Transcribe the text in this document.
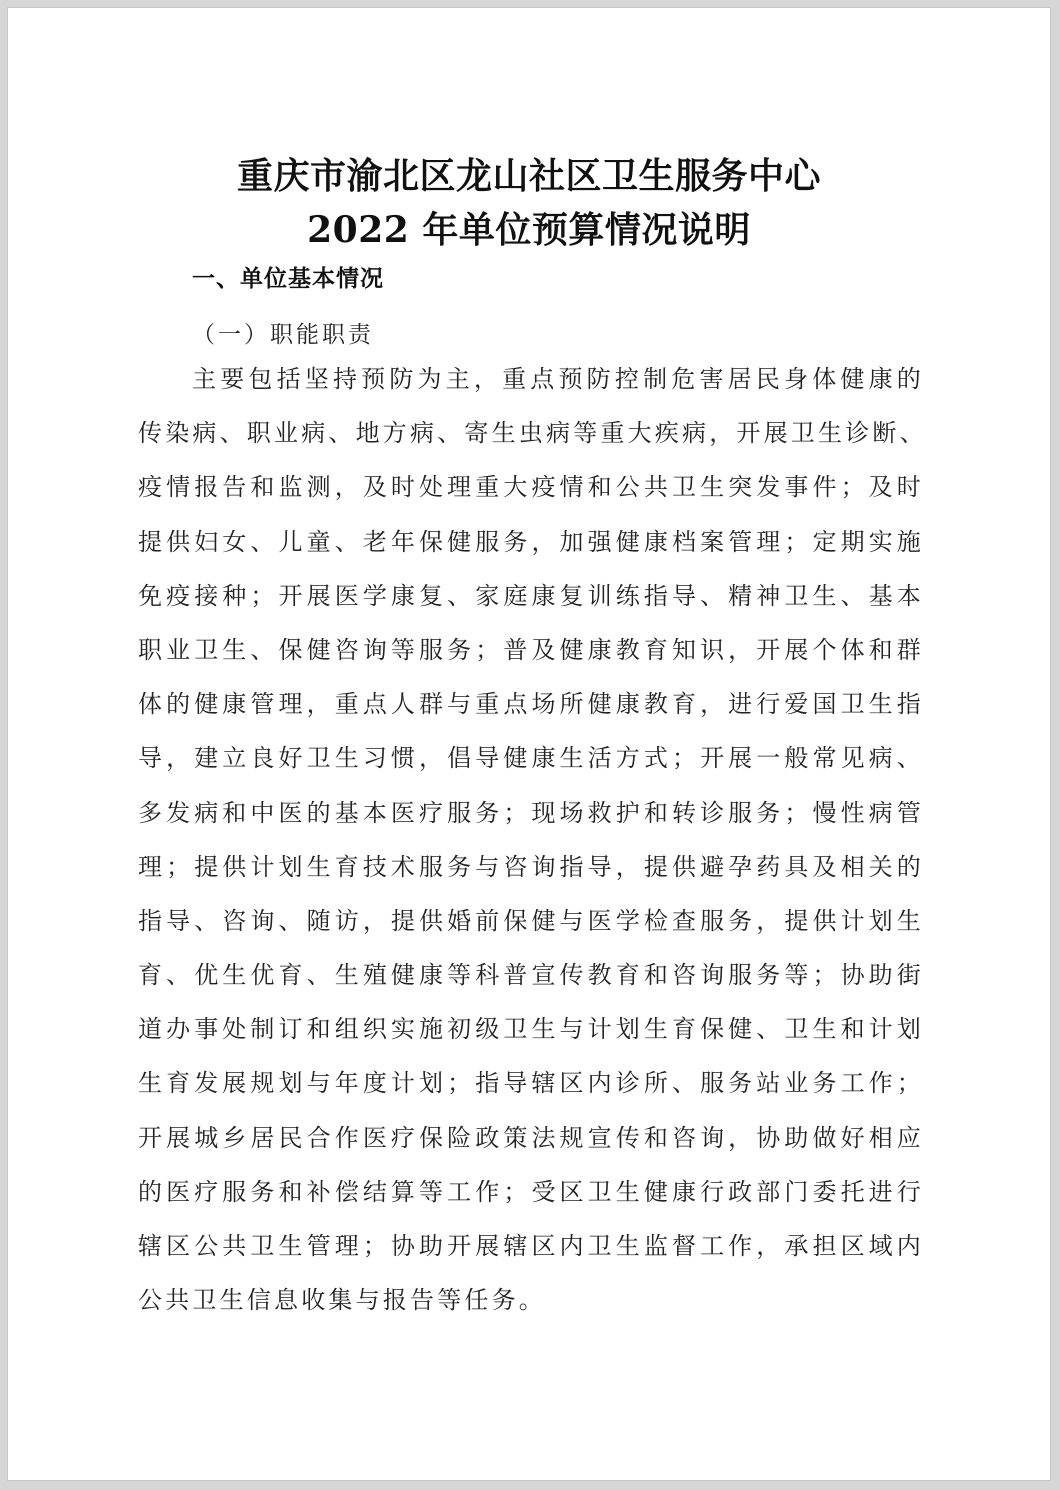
重庆市渝北区龙山社区卫生服务中心
2022 年单位预算情况说明
一、单位基本情况
（一）职能职责
主要包括坚持预防为主，重点预防控制危害居民身体健康的
传染病、职业病、地方病、寄生虫病等重大疾病，开展卫生诊断、
疫情报告和监测，及时处理重大疫情和公共卫生突发事件；及时
提供妇女、儿童、老年保健服务，加强健康档案管理；定期实施
免疫接种；开展医学康复、家庭康复训练指导、精神卫生、基本
职业卫生、保健咨询等服务；普及健康教育知识，开展个体和群
体的健康管理，重点人群与重点场所健康教育，进行爱国卫生指
导，建立良好卫生习惯，倡导健康生活方式；开展一般常见病、
多发病和中医的基本医疗服务；现场救护和转诊服务；慢性病管
理；提供计划生育技术服务与咨询指导，提供避孕药具及相关的
指导、咨询、随访，提供婚前保健与医学检查服务，提供计划生
育、优生优育、生殖健康等科普宣传教育和咨询服务等；协助街
道办事处制订和组织实施初级卫生与计划生育保健、卫生和计划
生育发展规划与年度计划；指导辖区内诊所、服务站业务工作；
开展城乡居民合作医疗保险政策法规宣传和咨询，协助做好相应
的医疗服务和补偿结算等工作；受区卫生健康行政部门委托进行
辖区公共卫生管理；协助开展辖区内卫生监督工作，承担区域内
公共卫生信息收集与报告等任务。
